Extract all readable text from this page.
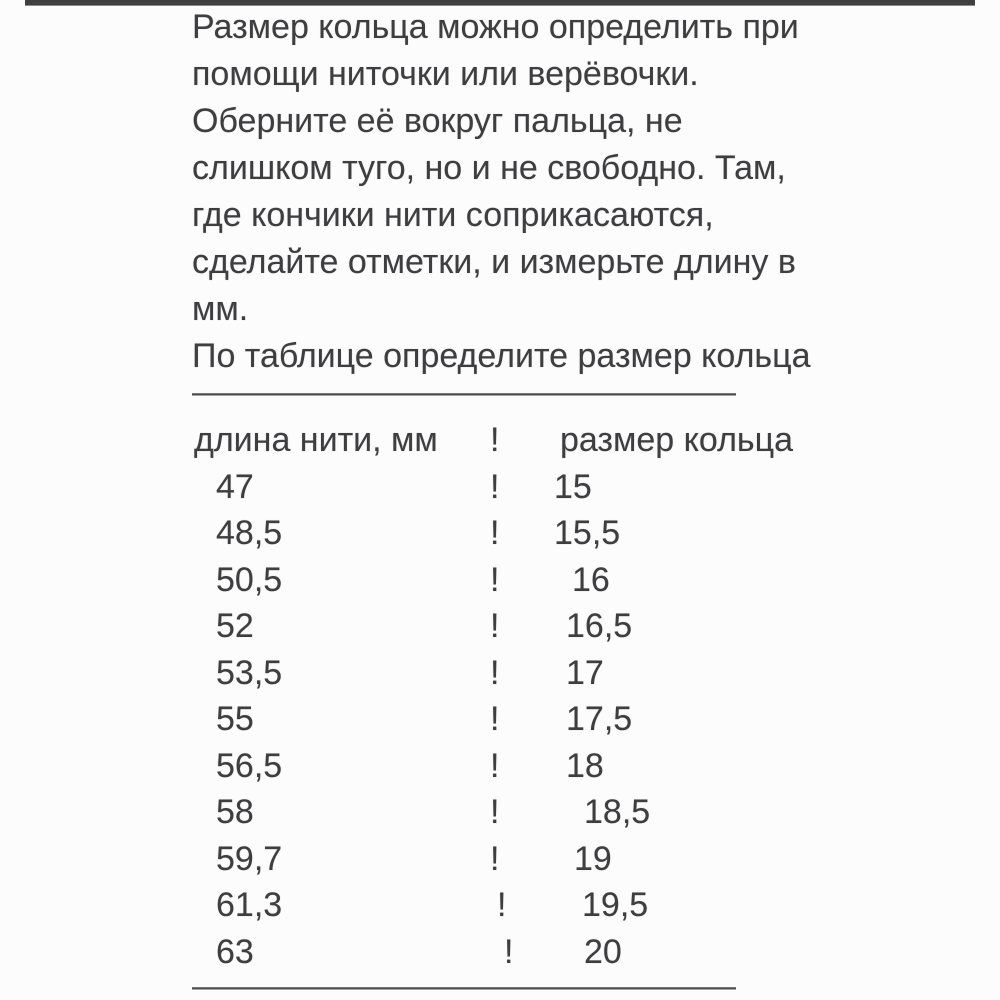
Размер кольца можно определить при
помощи ниточки или верёвочки.
Оберните её вокруг пальца, не
слишком туго, но и не свободно. Там,
где кончики нити соприкасаются,
сделайте отметки, и измерьте длину в
мм.
По таблице определите размер кольца
————————————————
длина нити, мм ! размер кольца
47	! 15
48,5	! 15,5
50,5	! 16
52	! 16,5
53,5	! 17
55	! 17,5
56,5	! 18
58	! 18,5
59,7	! 19
61,3	! 19,5
63	! 20
————————————————
